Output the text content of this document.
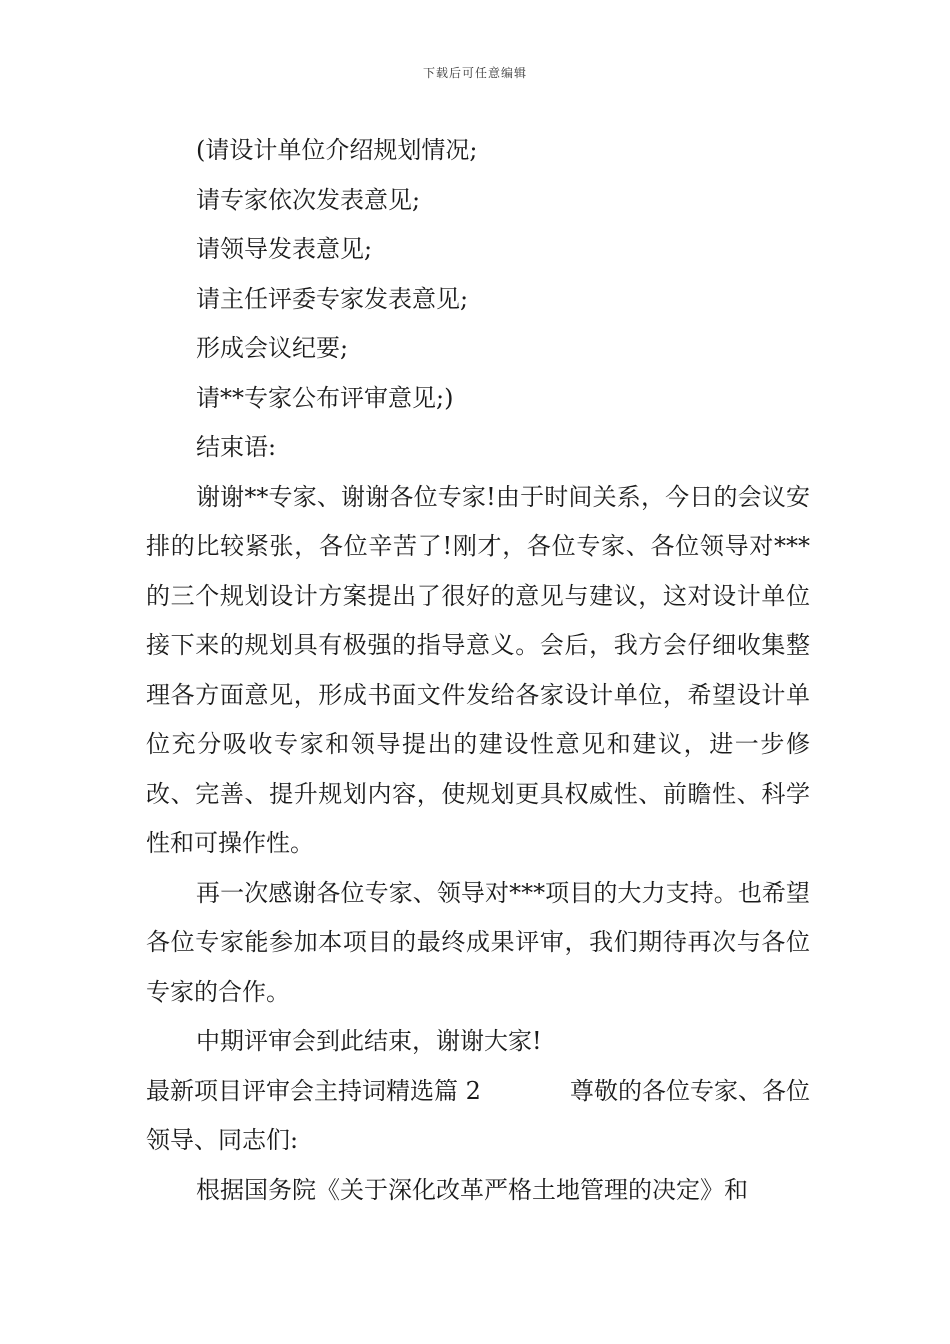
下载后可任意编辑

(请设计单位介绍规划情况;

请专家依次发表意见;

请领导发表意见;

请主任评委专家发表意见;

形成会议纪要;

请**专家公布评审意见;)

结束语:

谢谢**专家、谢谢各位专家!由于时间关系，今日的会议安排的比较紧张，各位辛苦了!刚才，各位专家、各位领导对***的三个规划设计方案提出了很好的意见与建议，这对设计单位接下来的规划具有极强的指导意义。会后，我方会仔细收集整理各方面意见，形成书面文件发给各家设计单位，希望设计单位充分吸收专家和领导提出的建设性意见和建议，进一步修改、完善、提升规划内容，使规划更具权威性、前瞻性、科学性和可操作性。

再一次感谢各位专家、领导对***项目的大力支持。也希望各位专家能参加本项目的最终成果评审，我们期待再次与各位专家的合作。

中期评审会到此结束，谢谢大家!

最新项目评审会主持词精选篇 2	尊敬的各位专家、各位

领导、同志们:

根据国务院《关于深化改革严格土地管理的决定》和
